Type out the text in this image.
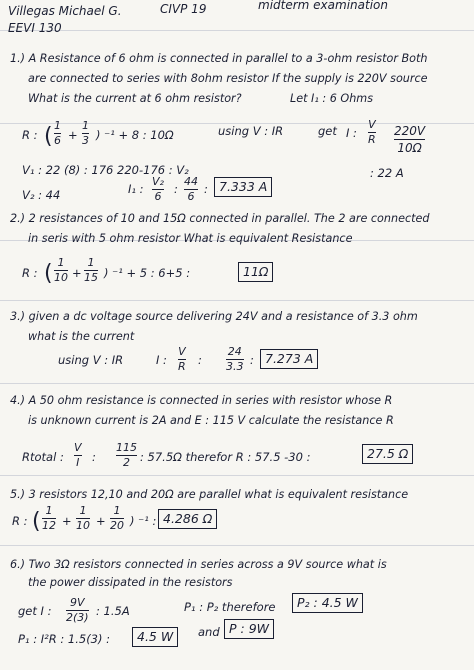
Villegas Michael G.	CIVP 19	midterm examination
EEVI 130
1.) A Resistance of 6 ohm is connected in parallel to a 3-ohm resistor Both
are connected to series with 8ohm resistor If the supply is 220V source
What is the current at 6 ohm resistor?	Let I₁ : 6 Ohms
R : ( 1
6 +
1
3 ) ⁻¹ + 8 : 10Ω	using V : IR	get I :
V
R
220V
10Ω
V₁ : 22 (8) : 176 220-176 : V₂
V₂ : 44	I₁ :
V₂
6
:
44
6
: 7.333 A
: 22 A
2.) 2 resistances of 10 and 15Ω connected in parallel. The 2 are connected
in seris with 5 ohm resistor What is equivalent Resistance
R : ( 1
10 +
1
15 ) ⁻¹ + 5 : 6+5 :	11Ω
3.) given a dc voltage source delivering 24V and a resistance of 3.3 ohm
what is the current
using V : IR	I :
V
R :
24
3.3 : 7.273 A
4.) A 50 ohm resistance is connected in series with resistor whose R
is unknown current is 2A and E : 115 V calculate the resistance R
Rtotal :
V
I :
115
2 : 57.5Ω therefor R : 57.5 -30 :	27.5 Ω
5.) 3 resistors 12,10 and 20Ω are parallel what is equivalent resistance
R : ( 1
12 +
1
10 +
1
20 ) ⁻¹ : 4.286 Ω
6.) Two 3Ω resistors connected in series across a 9V source what is
the power dissipated in the resistors
get I :
9V
2(3) : 1.5A	P₁ : P₂ therefore	P₂ : 4.5 W
P₁ : I²R : 1.5(3) :	4.5 W	and P : 9W
